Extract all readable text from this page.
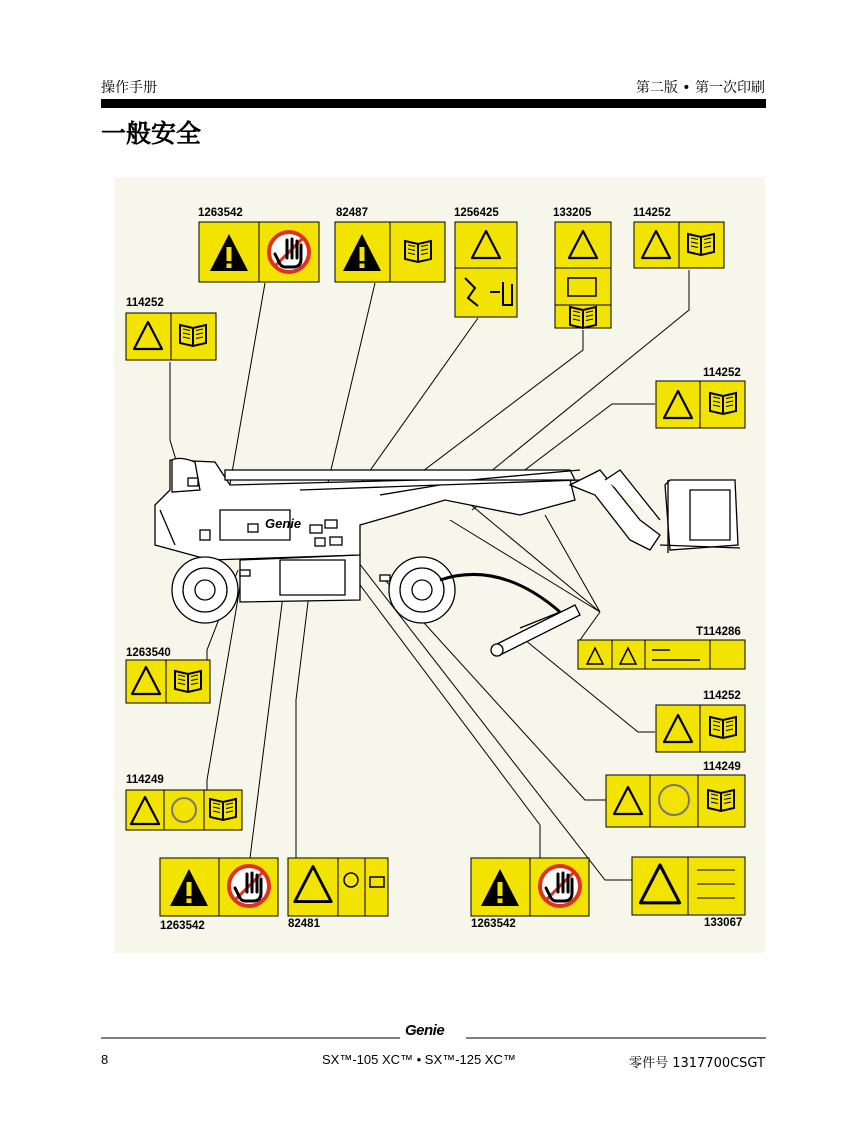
操作手册	第二版 • 第一次印刷
一般安全
Genie
1263542	82487	1256425	133205	114252
114252
114252
T114286
114252
114249
133067
1263540
114249
1263542	82481	1263542
Genie
8	SX™-105 XC™ • SX™-125 XC™	零件号 1317700CSGT
